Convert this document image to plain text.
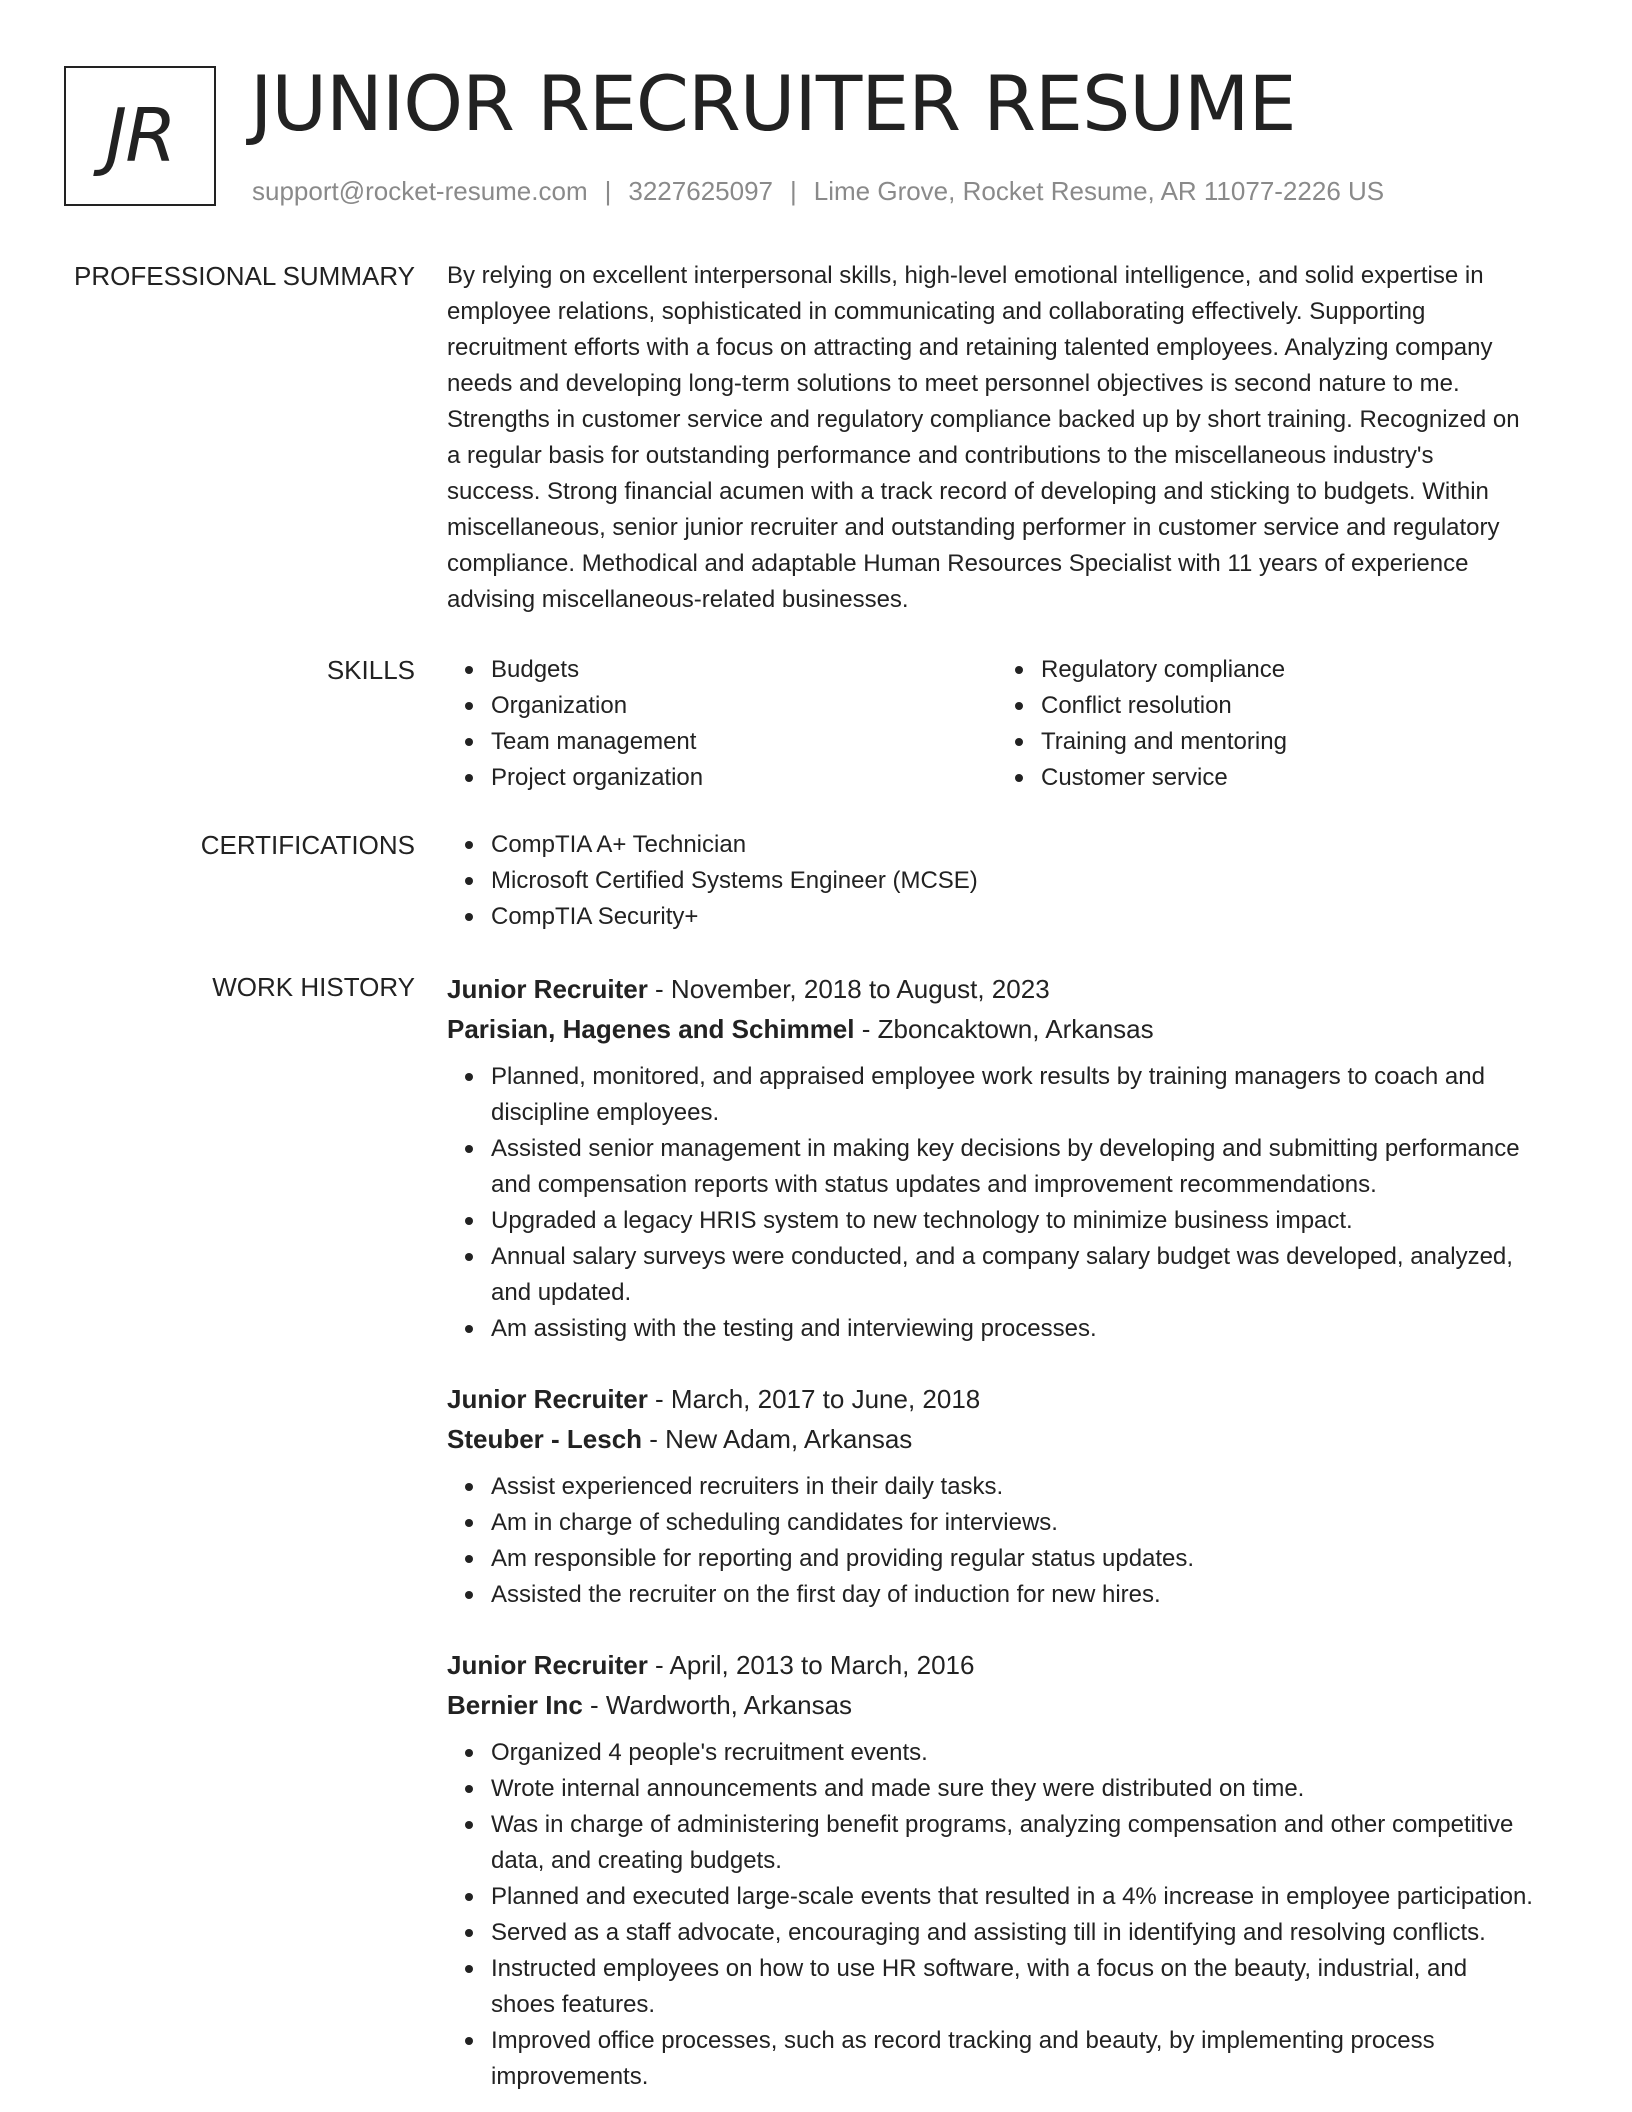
JR JUNIOR RECRUITER RESUME
support@rocket-resume.com | 3227625097 | Lime Grove, Rocket Resume, AR 11077-2226 US
PROFESSIONAL SUMMARY By relying on excellent interpersonal skills, high-level emotional intelligence, and solid expertise in
employee relations, sophisticated in communicating and collaborating effectively. Supporting
recruitment efforts with a focus on attracting and retaining talented employees. Analyzing company
needs and developing long-term solutions to meet personnel objectives is second nature to me.
Strengths in customer service and regulatory compliance backed up by short training. Recognized on
a regular basis for outstanding performance and contributions to the miscellaneous industry's
success. Strong financial acumen with a track record of developing and sticking to budgets. Within
miscellaneous, senior junior recruiter and outstanding performer in customer service and regulatory
compliance. Methodical and adaptable Human Resources Specialist with 11 years of experience
advising miscellaneous-related businesses.
SKILLS	Budgets
Organization
Team management
Project organization
Regulatory compliance
Conflict resolution
Training and mentoring
Customer service
CERTIFICATIONS	CompTIA A+ Technician
Microsoft Certified Systems Engineer (MCSE)
CompTIA Security+
WORK HISTORY Junior Recruiter - November, 2018 to August, 2023
Parisian, Hagenes and Schimmel - Zboncaktown, Arkansas
Planned, monitored, and appraised employee work results by training managers to coach and
discipline employees.
Assisted senior management in making key decisions by developing and submitting performance
and compensation reports with status updates and improvement recommendations.
Upgraded a legacy HRIS system to new technology to minimize business impact.
Annual salary surveys were conducted, and a company salary budget was developed, analyzed,
and updated.
Am assisting with the testing and interviewing processes.
Junior Recruiter - March, 2017 to June, 2018
Steuber - Lesch - New Adam, Arkansas
Assist experienced recruiters in their daily tasks.
Am in charge of scheduling candidates for interviews.
Am responsible for reporting and providing regular status updates.
Assisted the recruiter on the first day of induction for new hires.
Junior Recruiter - April, 2013 to March, 2016
Bernier Inc - Wardworth, Arkansas
Organized 4 people's recruitment events.
Wrote internal announcements and made sure they were distributed on time.
Was in charge of administering benefit programs, analyzing compensation and other competitive
data, and creating budgets.
Planned and executed large-scale events that resulted in a 4% increase in employee participation.
Served as a staff advocate, encouraging and assisting till in identifying and resolving conflicts.
Instructed employees on how to use HR software, with a focus on the beauty, industrial, and
shoes features.
Improved office processes, such as record tracking and beauty, by implementing process
improvements.
